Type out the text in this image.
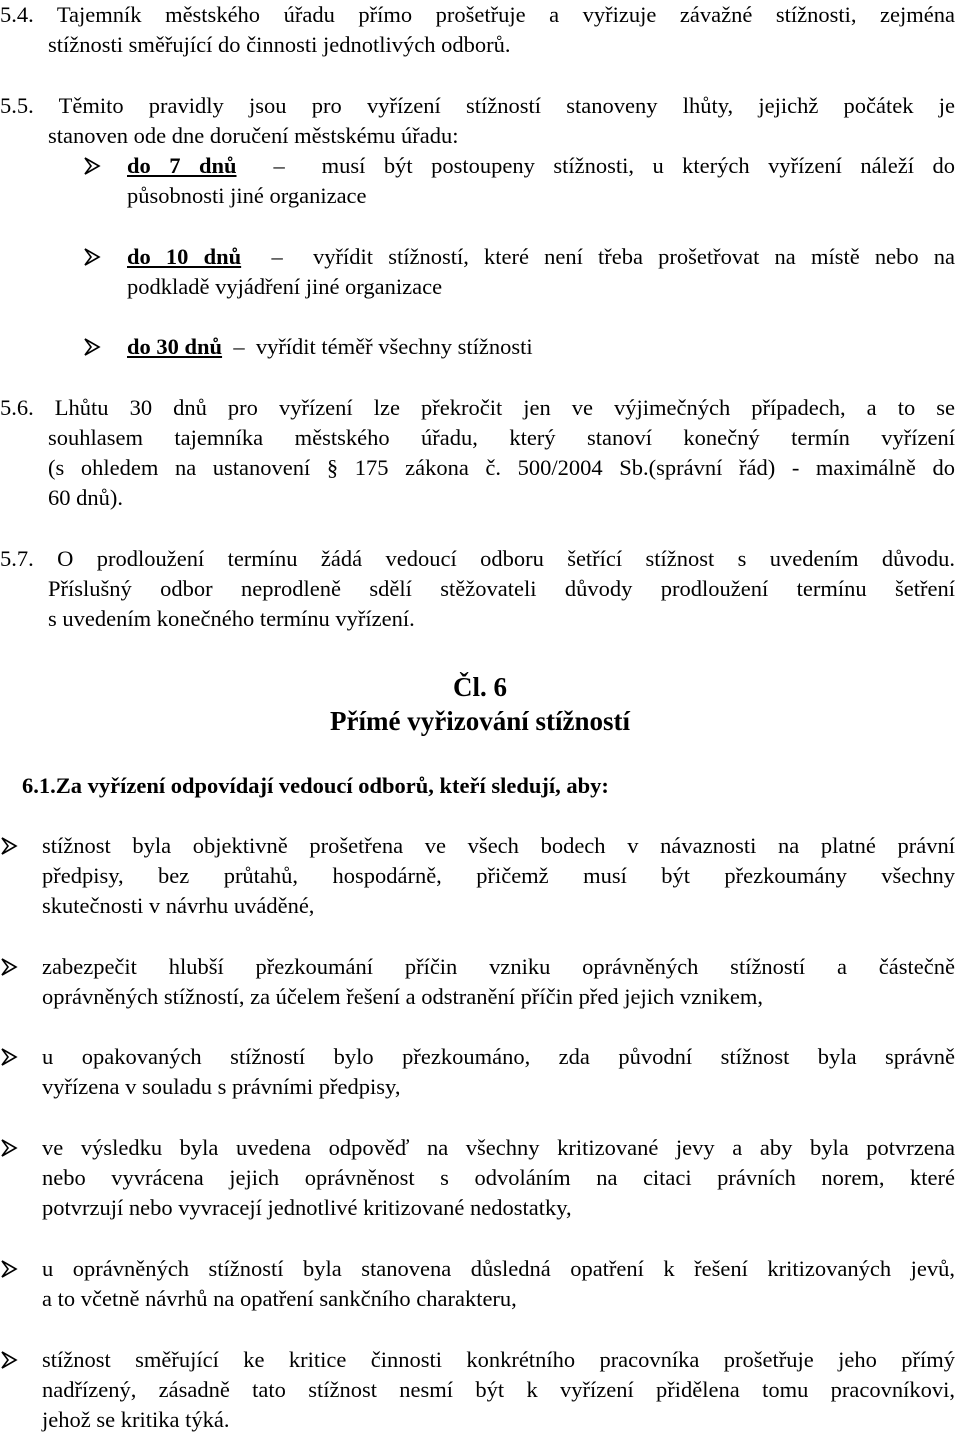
5.4. Tajemník městského úřadu přímo prošetřuje a vyřizuje závažné stížnosti, zejména
stížnosti směřující do činnosti jednotlivých odborů.
5.5. Těmito pravidly jsou pro vyřízení stížností stanoveny lhůty, jejichž počátek je
stanoven ode dne doručení městskému úřadu:
do 7 dnů  –  musí být postoupeny stížnosti, u kterých vyřízení náleží do
působnosti jiné organizace
do 10 dnů  –  vyřídit stížností, které není třeba prošetřovat na místě nebo na
podkladě vyjádření jiné organizace
do 30 dnů  –  vyřídit téměř všechny stížnosti
5.6. Lhůtu 30 dnů pro vyřízení lze překročit jen ve výjimečných případech, a to se
souhlasem tajemníka městského úřadu, který stanoví konečný termín vyřízení
(s ohledem na ustanovení § 175 zákona č. 500/2004 Sb.(správní řád) - maximálně do
60 dnů).
5.7. O prodloužení termínu žádá vedoucí odboru šetřící stížnost s uvedením důvodu.
Příslušný odbor neprodleně sdělí stěžovateli důvody prodloužení termínu šetření
s uvedením konečného termínu vyřízení.
Čl. 6
Přímé vyřizování stížností
6.1.Za vyřízení odpovídají vedoucí odborů, kteří sledují, aby:
stížnost byla objektivně prošetřena ve všech bodech v návaznosti na platné právní
předpisy, bez průtahů, hospodárně, přičemž musí být přezkoumány všechny
skutečnosti v návrhu uváděné,
zabezpečit hlubší přezkoumání příčin vzniku oprávněných stížností a částečně
oprávněných stížností, za účelem řešení a odstranění příčin před jejich vznikem,
u opakovaných stížností bylo přezkoumáno, zda původní stížnost byla správně
vyřízena v souladu s právními předpisy,
ve výsledku byla uvedena odpověď na všechny kritizované jevy a aby byla potvrzena
nebo vyvrácena jejich oprávněnost s odvoláním na citaci právních norem, které
potvrzují nebo vyvracejí jednotlivé kritizované nedostatky,
u oprávněných stížností byla stanovena důsledná opatření k řešení kritizovaných jevů,
a to včetně návrhů na opatření sankčního charakteru,
stížnost směřující ke kritice činnosti konkrétního pracovníka prošetřuje jeho přímý
nadřízený, zásadně tato stížnost nesmí být k vyřízení přidělena tomu pracovníkovi,
jehož se kritika týká.
